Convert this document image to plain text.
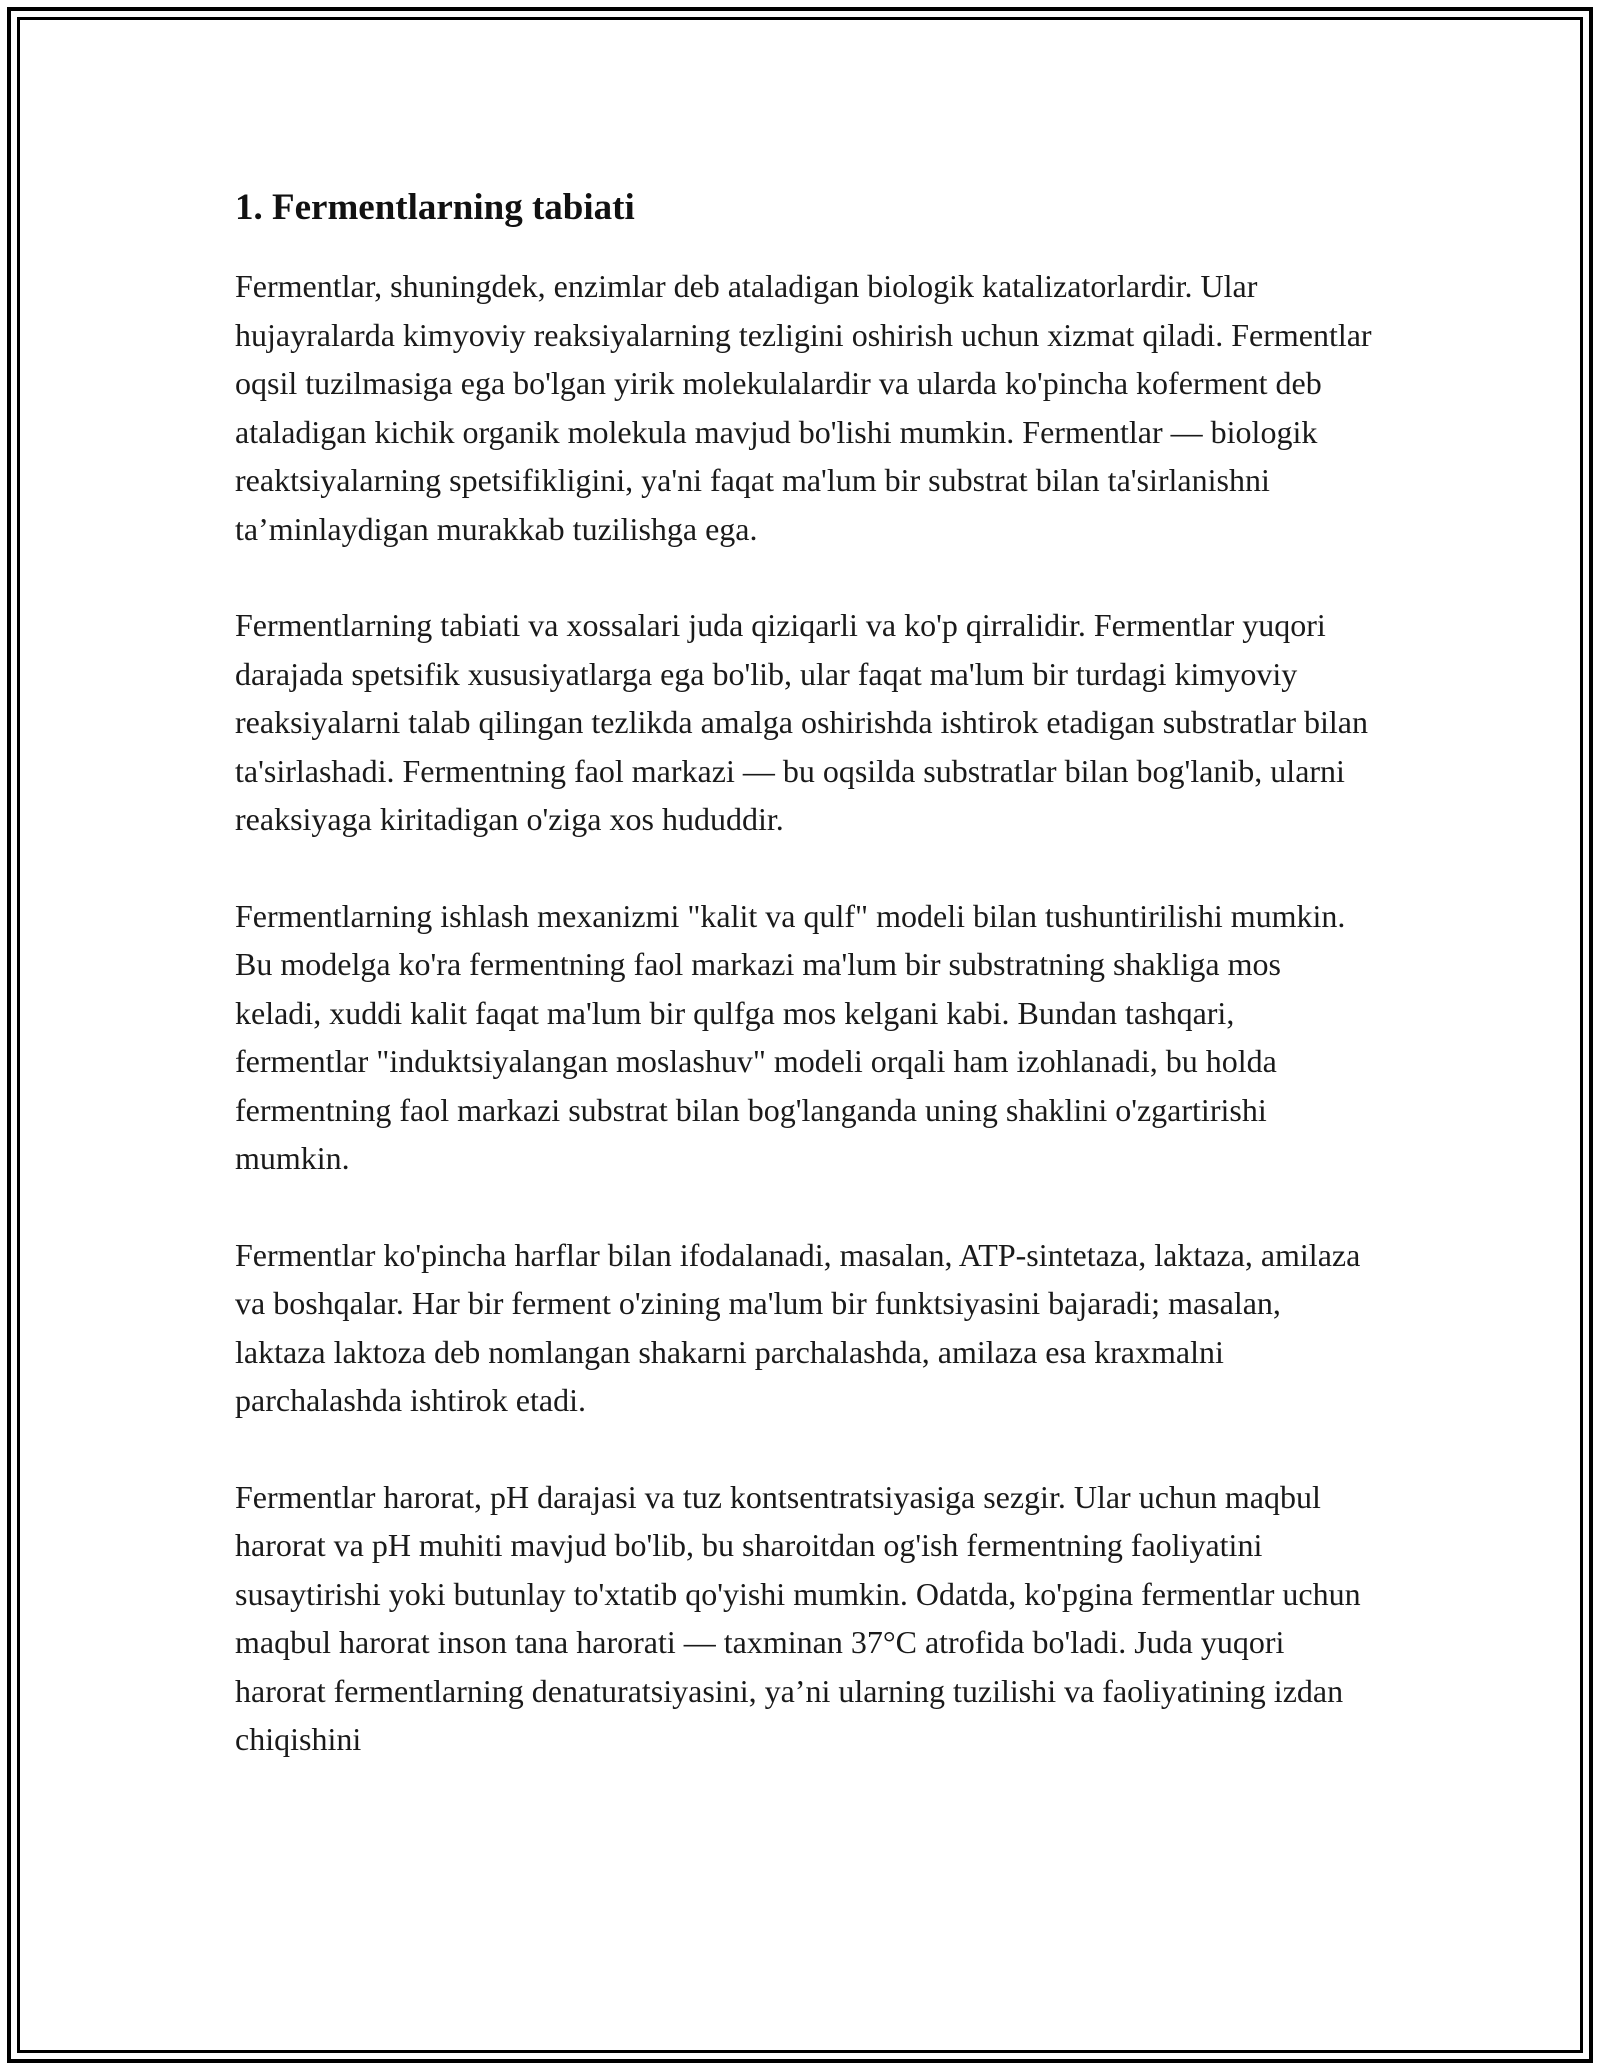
1. Fermentlarning tabiati

Fermentlar, shuningdek, enzimlar deb ataladigan biologik katalizatorlardir. Ular hujayralarda kimyoviy reaksiyalarning tezligini oshirish uchun xizmat qiladi. Fermentlar oqsil tuzilmasiga ega bo'lgan yirik molekulalardir va ularda ko'pincha koferment deb ataladigan kichik organik molekula mavjud bo'lishi mumkin. Fermentlar — biologik reaktsiyalarning spetsifikligini, ya'ni faqat ma'lum bir substrat bilan ta'sirlanishni ta’minlaydigan murakkab tuzilishga ega.

Fermentlarning tabiati va xossalari juda qiziqarli va ko'p qirralidir. Fermentlar yuqori darajada spetsifik xususiyatlarga ega bo'lib, ular faqat ma'lum bir turdagi kimyoviy reaksiyalarni talab qilingan tezlikda amalga oshirishda ishtirok etadigan substratlar bilan ta'sirlashadi. Fermentning faol markazi — bu oqsilda substratlar bilan bog'lanib, ularni reaksiyaga kiritadigan o'ziga xos hududdir.

Fermentlarning ishlash mexanizmi "kalit va qulf" modeli bilan tushuntirilishi mumkin. Bu modelga ko'ra fermentning faol markazi ma'lum bir substratning shakliga mos keladi, xuddi kalit faqat ma'lum bir qulfga mos kelgani kabi. Bundan tashqari, fermentlar "induktsiyalangan moslashuv" modeli orqali ham izohlanadi, bu holda fermentning faol markazi substrat bilan bog'langanda uning shaklini o'zgartirishi mumkin.

Fermentlar ko'pincha harflar bilan ifodalanadi, masalan, ATP-sintetaza, laktaza, amilaza va boshqalar. Har bir ferment o'zining ma'lum bir funktsiyasini bajaradi; masalan, laktaza laktoza deb nomlangan shakarni parchalashda, amilaza esa kraxmalni parchalashda ishtirok etadi.

Fermentlar harorat, pH darajasi va tuz kontsentratsiyasiga sezgir. Ular uchun maqbul harorat va pH muhiti mavjud bo'lib, bu sharoitdan og'ish fermentning faoliyatini susaytirishi yoki butunlay to'xtatib qo'yishi mumkin. Odatda, ko'pgina fermentlar uchun maqbul harorat inson tana harorati — taxminan 37°C atrofida bo'ladi. Juda yuqori harorat fermentlarning denaturatsiyasini, ya’ni ularning tuzilishi va faoliyatining izdan chiqishini
